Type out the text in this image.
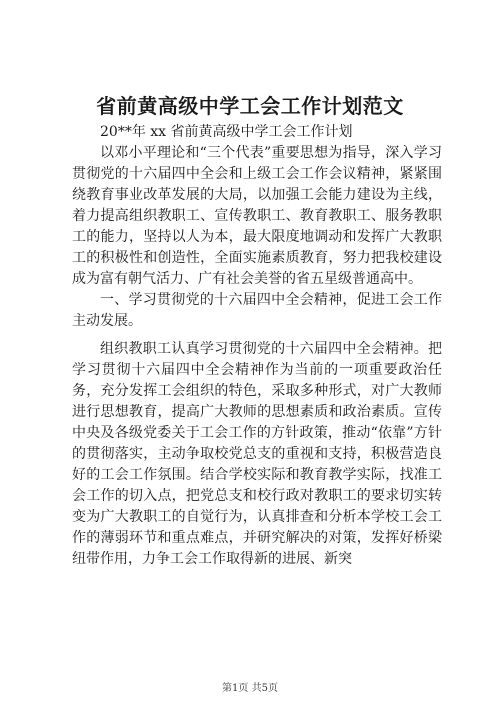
省前黄高级中学工会工作计划范文

20**年 xx 省前黄高级中学工会工作计划

以邓小平理论和“三个代表”重要思想为指导，深入学习贯彻党的十六届四中全会和上级工会工作会议精神，紧紧围绕教育事业改革发展的大局，以加强工会能力建设为主线，着力提高组织教职工、宣传教职工、教育教职工、服务教职工的能力，坚持以人为本，最大限度地调动和发挥广大教职工的积极性和创造性，全面实施素质教育，努力把我校建设成为富有朝气活力、广有社会美誉的省五星级普通高中。

一、学习贯彻党的十六届四中全会精神，促进工会工作主动发展。

组织教职工认真学习贯彻党的十六届四中全会精神。把学习贯彻十六届四中全会精神作为当前的一项重要政治任务，充分发挥工会组织的特色，采取多种形式，对广大教师进行思想教育，提高广大教师的思想素质和政治素质。宣传中央及各级党委关于工会工作的方针政策，推动“依靠”方针的贯彻落实，主动争取校党总支的重视和支持，积极营造良好的工会工作氛围。结合学校实际和教育教学实际，找准工会工作的切入点，把党总支和校行政对教职工的要求切实转变为广大教职工的自觉行为，认真排查和分析本学校工会工作的薄弱环节和重点难点，并研究解决的对策，发挥好桥梁纽带作用，力争工会工作取得新的进展、新突

第1页 共5页
